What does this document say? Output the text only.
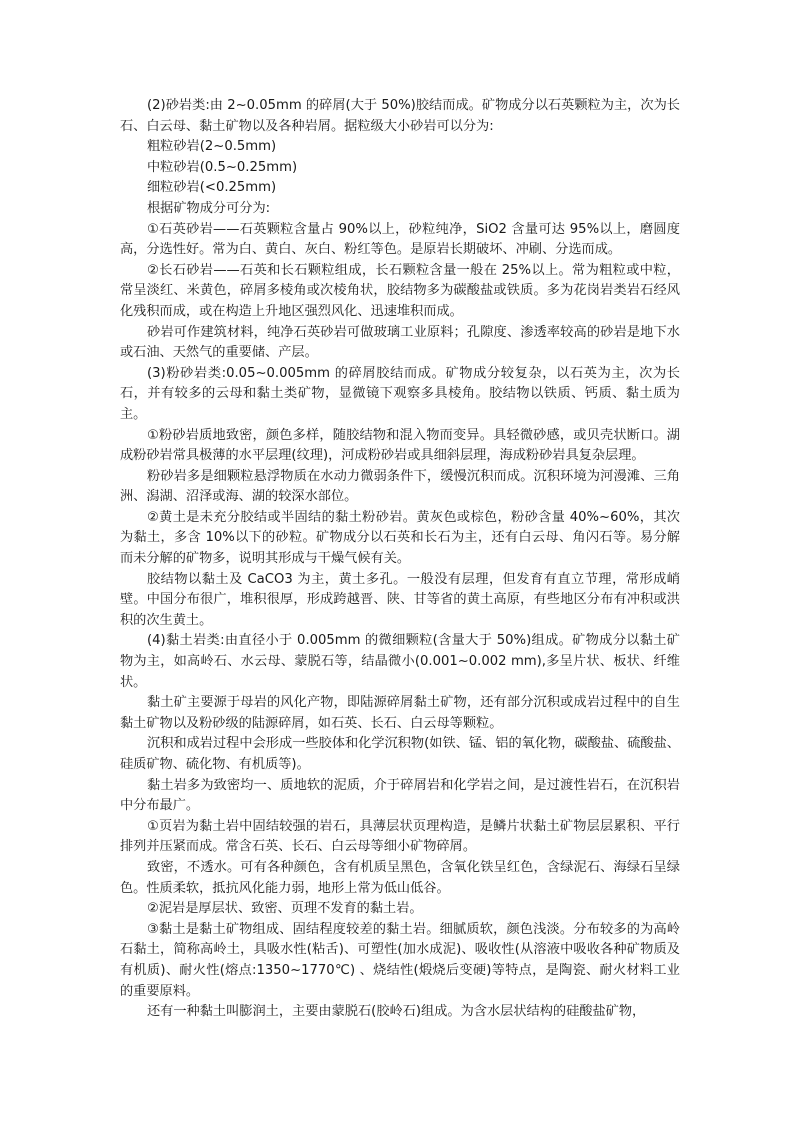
(2)砂岩类:由 2~0.05mm 的碎屑(大于 50%)胶结而成。矿物成分以石英颗粒为主，次为长石、白云母、黏土矿物以及各种岩屑。据粒级大小砂岩可以分为:

粗粒砂岩(2~0.5mm)

中粒砂岩(0.5~0.25mm)

细粒砂岩(<0.25mm)

根据矿物成分可分为:

①石英砂岩——石英颗粒含量占 90%以上，砂粒纯净，SiO2 含量可达 95%以上，磨圆度高，分选性好。常为白、黄白、灰白、粉红等色。是原岩长期破坏、冲刷、分选而成。

②长石砂岩——石英和长石颗粒组成，长石颗粒含量一般在 25%以上。常为粗粒或中粒，常呈淡红、米黄色，碎屑多棱角或次棱角状，胶结物多为碳酸盐或铁质。多为花岗岩类岩石经风化残积而成，或在构造上升地区强烈风化、迅速堆积而成。

砂岩可作建筑材料，纯净石英砂岩可做玻璃工业原料；孔隙度、渗透率较高的砂岩是地下水或石油、天然气的重要储、产层。

(3)粉砂岩类:0.05~0.005mm 的碎屑胶结而成。矿物成分较复杂，以石英为主，次为长石，并有较多的云母和黏土类矿物，显微镜下观察多具棱角。胶结物以铁质、钙质、黏土质为主。

①粉砂岩质地致密，颜色多样，随胶结物和混入物而变异。具轻微砂感，或贝壳状断口。湖成粉砂岩常具极薄的水平层理(纹理)，河成粉砂岩或具细斜层理，海成粉砂岩具复杂层理。

粉砂岩多是细颗粒悬浮物质在水动力微弱条件下，缓慢沉积而成。沉积环境为河漫滩、三角洲、潟湖、沼泽或海、湖的较深水部位。

②黄土是未充分胶结或半固结的黏土粉砂岩。黄灰色或棕色，粉砂含量 40%~60%，其次为黏土，多含 10%以下的砂粒。矿物成分以石英和长石为主，还有白云母、角闪石等。易分解而未分解的矿物多，说明其形成与干燥气候有关。

胶结物以黏土及 CaCO3 为主，黄土多孔。一般没有层理，但发育有直立节理，常形成峭壁。中国分布很广，堆积很厚，形成跨越晋、陕、甘等省的黄土高原，有些地区分布有冲积或洪积的次生黄土。

(4)黏土岩类:由直径小于 0.005mm 的微细颗粒(含量大于 50%)组成。矿物成分以黏土矿物为主，如高岭石、水云母、蒙脱石等，结晶微小(0.001~0.002 mm),多呈片状、板状、纤维状。

黏土矿主要源于母岩的风化产物，即陆源碎屑黏土矿物，还有部分沉积或成岩过程中的自生黏土矿物以及粉砂级的陆源碎屑，如石英、长石、白云母等颗粒。

沉积和成岩过程中会形成一些胶体和化学沉积物(如铁、锰、铝的氧化物，碳酸盐、硫酸盐、硅质矿物、硫化物、有机质等)。

黏土岩多为致密均一、质地软的泥质，介于碎屑岩和化学岩之间，是过渡性岩石，在沉积岩中分布最广。

①页岩为黏土岩中固结较强的岩石，具薄层状页理构造，是鳞片状黏土矿物层层累积、平行排列并压紧而成。常含石英、长石、白云母等细小矿物碎屑。

致密，不透水。可有各种颜色，含有机质呈黑色，含氧化铁呈红色，含绿泥石、海绿石呈绿色。性质柔软，抵抗风化能力弱，地形上常为低山低谷。

②泥岩是厚层状、致密、页理不发育的黏土岩。

③黏土是黏土矿物组成、固结程度较差的黏土岩。细腻质软，颜色浅淡。分布较多的为高岭石黏土，简称高岭土，具吸水性(粘舌)、可塑性(加水成泥)、吸收性(从溶液中吸收各种矿物质及有机质)、耐火性(熔点:1350~1770℃) 、烧结性(煅烧后变硬)等特点，是陶瓷、耐火材料工业的重要原料。

还有一种黏土叫膨润土，主要由蒙脱石(胶岭石)组成。为含水层状结构的硅酸盐矿物，
